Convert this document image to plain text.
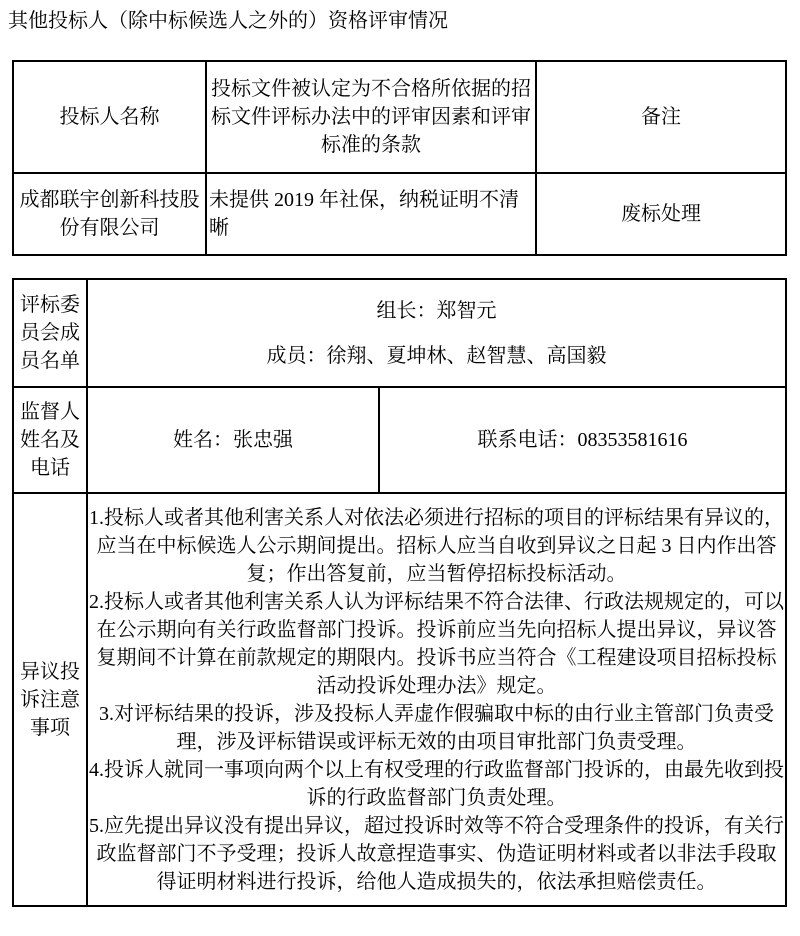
其他投标人（除中标候选人之外的）资格评审情况
投标人名称	投标文件被认定为不合格所依据的招标文件评标办法中的评审因素和评审标准的条款	备注
成都联宇创新科技股份有限公司	未提供 2019 年社保，纳税证明不清晰	废标处理
评标委员会成员名单	组长：郑智元

成员：徐翔、夏坤林、赵智慧、高国毅	

监督人姓名及电话	姓名：张忠强	联系电话：08353581616
异议投诉注意事项	1.投标人或者其他利害关系人对依法必须进行招标的项目的评标结果有异议的，应当在中标候选人公示期间提出。招标人应当自收到异议之日起 3 日内作出答复；作出答复前，应当暂停招标投标活动。

2.投标人或者其他利害关系人认为评标结果不符合法律、行政法规规定的，可以在公示期向有关行政监督部门投诉。投诉前应当先向招标人提出异议，异议答复期间不计算在前款规定的期限内。投诉书应当符合《工程建设项目招标投标活动投诉处理办法》规定。

3.对评标结果的投诉，涉及投标人弄虚作假骗取中标的由行业主管部门负责受理，涉及评标错误或评标无效的由项目审批部门负责受理。

4.投诉人就同一事项向两个以上有权受理的行政监督部门投诉的，由最先收到投诉的行政监督部门负责处理。

5.应先提出异议没有提出异议，超过投诉时效等不符合受理条件的投诉，有关行政监督部门不予受理；投诉人故意捏造事实、伪造证明材料或者以非法手段取得证明材料进行投诉，给他人造成损失的，依法承担赔偿责任。	
